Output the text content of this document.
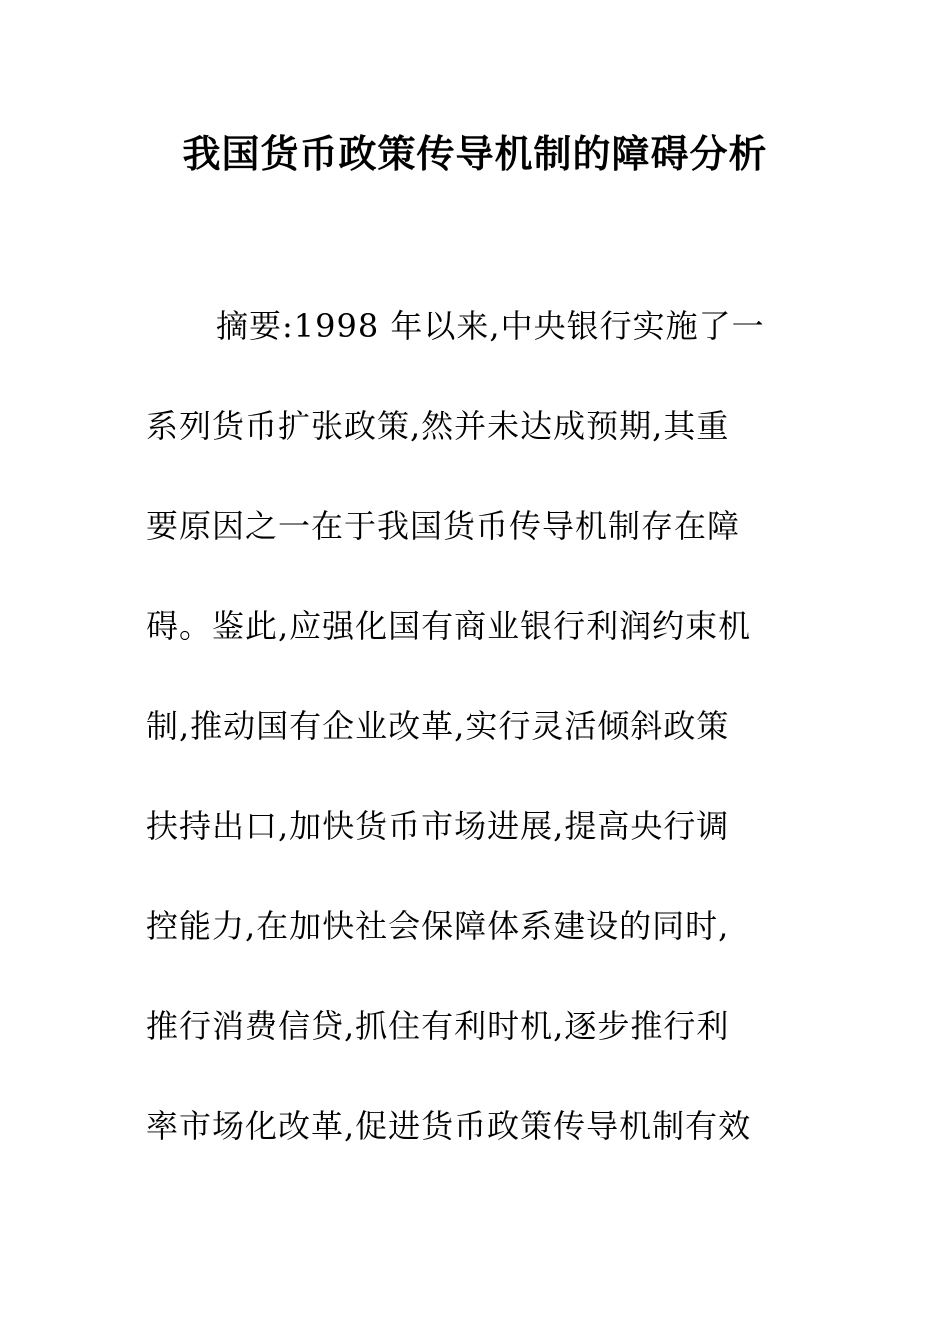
我国货币政策传导机制的障碍分析
摘要:1998 年以来,中央银行实施了一
系列货币扩张政策,然并未达成预期,其重
要原因之一在于我国货币传导机制存在障
碍。鉴此,应强化国有商业银行利润约束机
制,推动国有企业改革,实行灵活倾斜政策
扶持出口,加快货币市场进展,提高央行调
控能力,在加快社会保障体系建设的同时,
推行消费信贷,抓住有利时机,逐步推行利
率市场化改革,促进货币政策传导机制有效
